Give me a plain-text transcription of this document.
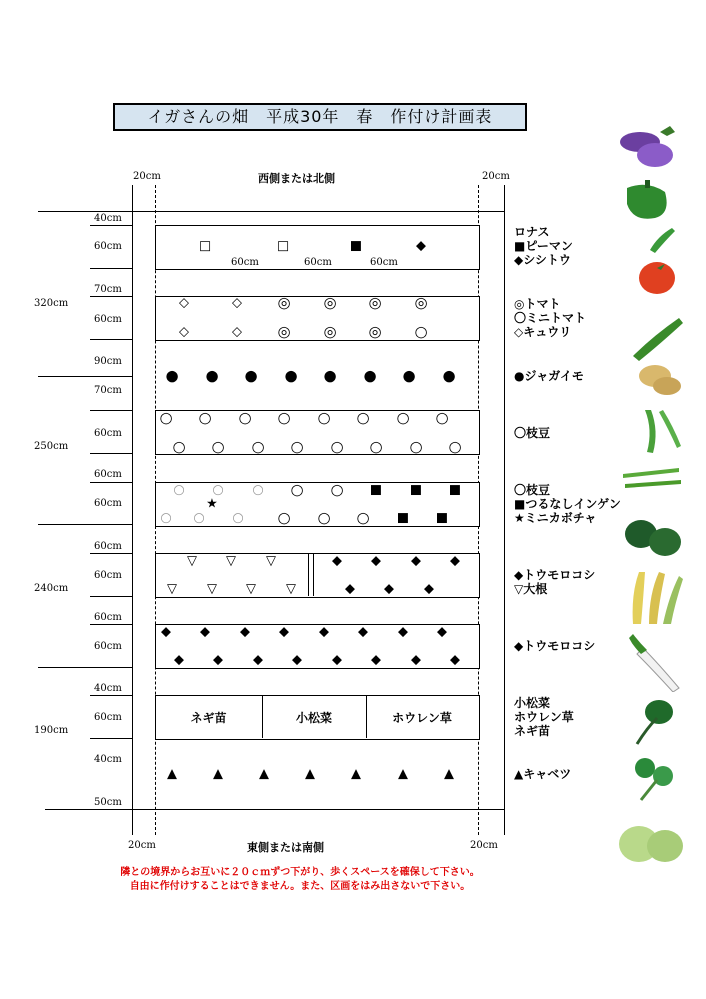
イガさんの畑　平成30年　春　作付け計画表
20cm	20cm
西側または北側
20cm	20cm
東側または南側
40cm
60cm
70cm
60cm
90cm
70cm
60cm
60cm
60cm
60cm
60cm
60cm
60cm
40cm
60cm
40cm
50cm
320cm
250cm
240cm
190cm
ネギ苗	小松菜	ホウレン草
60cm	60cm	60cm
□	□	■	◆
◇	◇ ◎ ◎ ◎ ◎
◇	◇ ◎ ◎ ◎ ○
● ● ● ● ● ● ● ●
○ ○ ○ ○ ○ ○ ○ ○
○ ○ ○ ○ ○ ○ ○ ○
○ ○ ○ ○ ○ ■ ■ ■
★
○ ○ ○ ○ ○ ○ ■ ■
▽ ▽ ▽	◆ ◆ ◆ ◆
▽ ▽ ▽ ▽	◆ ◆ ◆
◆ ◆ ◆ ◆ ◆ ◆ ◆ ◆
◆ ◆ ◆ ◆ ◆ ◆ ◆ ◆
▲	▲	▲	▲	▲	▲	▲
ロナス
■ピーマン
◆シシトウ
◎トマト
〇ミニトマト
◇キュウリ
●ジャガイモ
〇枝豆
〇枝豆
■つるなしインゲン
★ミニカボチャ
◆トウモロコシ
▽大根
◆トウモロコシ
小松菜
ホウレン草
ネギ苗
▲キャベツ
隣との境界からお互いに２０ｃｍずつ下がり、歩くスペースを確保して下さい。
自由に作付けすることはできません。また、区画をはみ出さないで下さい。
